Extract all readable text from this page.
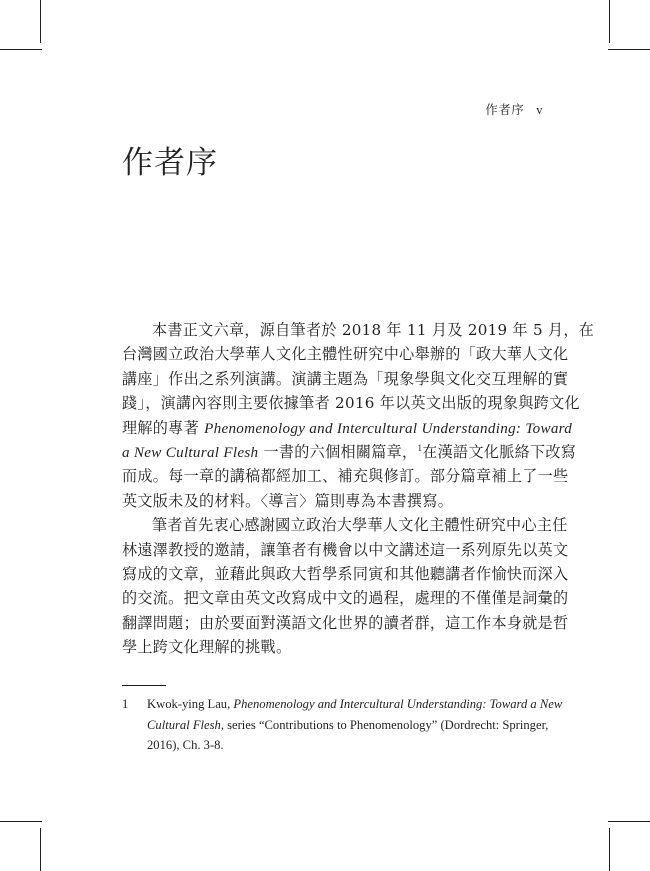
作者序 v
作者序
本書正文六章，源自筆者於 2018 年 11 月及 2019 年 5 月，在
台灣國立政治大學華人文化主體性研究中心舉辦的「政大華人文化
講座」作出之系列演講。演講主題為「現象學與文化交互理解的實
踐」，演講內容則主要依據筆者 2016 年以英文出版的現象與跨文化
理解的專著 Phenomenology and Intercultural Understanding: Toward
a New Cultural Flesh 一書的六個相關篇章，$^1$在漢語文化脈絡下改寫
而成。每一章的講稿都經加工、補充與修訂。部分篇章補上了一些
英文版未及的材料。〈導言〉篇則專為本書撰寫。
筆者首先衷心感謝國立政治大學華人文化主體性研究中心主任
林遠澤教授的邀請，讓筆者有機會以中文講述這一系列原先以英文
寫成的文章，並藉此與政大哲學系同寅和其他聽講者作愉快而深入
的交流。把文章由英文改寫成中文的過程，處理的不僅僅是詞彙的
翻譯問題；由於要面對漢語文化世界的讀者群，這工作本身就是哲
學上跨文化理解的挑戰。
1	Kwok-ying Lau, Phenomenology and Intercultural Understanding: Toward a New
Cultural Flesh, series “Contributions to Phenomenology” (Dordrecht: Springer,
2016), Ch. 3-8.
